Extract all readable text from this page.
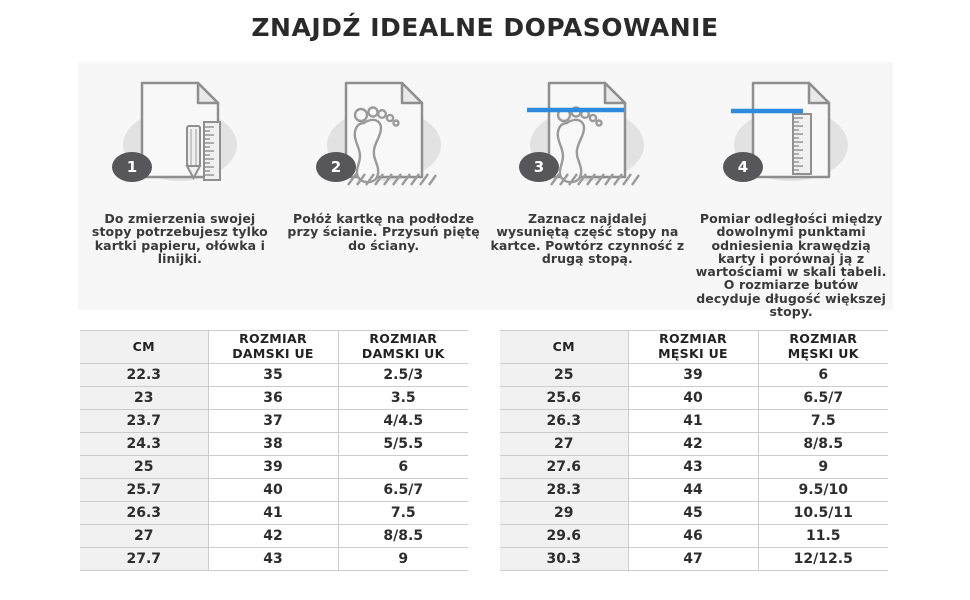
ZNAJDŹ IDEALNE DOPASOWANIE
1
Do zmierzenia swojej stopy potrzebujesz tylko kartki papieru, ołówka i linijki.
2
Połóż kartkę na podłodze przy ścianie. Przysuń piętę do ściany.
3
Zaznacz najdalej wysuniętą część stopy na kartce. Powtórz czynność z drugą stopą.
4
Pomiar odległości między dowolnymi punktami odniesienia krawędzią karty i porównaj ją z wartościami w skali tabeli. O rozmiarze butów decyduje długość większej stopy.
CM	ROZMIAR DAMSKI UE	ROZMIAR DAMSKI UK
22.3	35	2.5/3
23	36	3.5
23.7	37	4/4.5
24.3	38	5/5.5
25	39	6
25.7	40	6.5/7
26.3	41	7.5
27	42	8/8.5
27.7	43	9
CM	ROZMIAR MĘSKI UE	ROZMIAR MĘSKI UK
25	39	6
25.6	40	6.5/7
26.3	41	7.5
27	42	8/8.5
27.6	43	9
28.3	44	9.5/10
29	45	10.5/11
29.6	46	11.5
30.3	47	12/12.5
